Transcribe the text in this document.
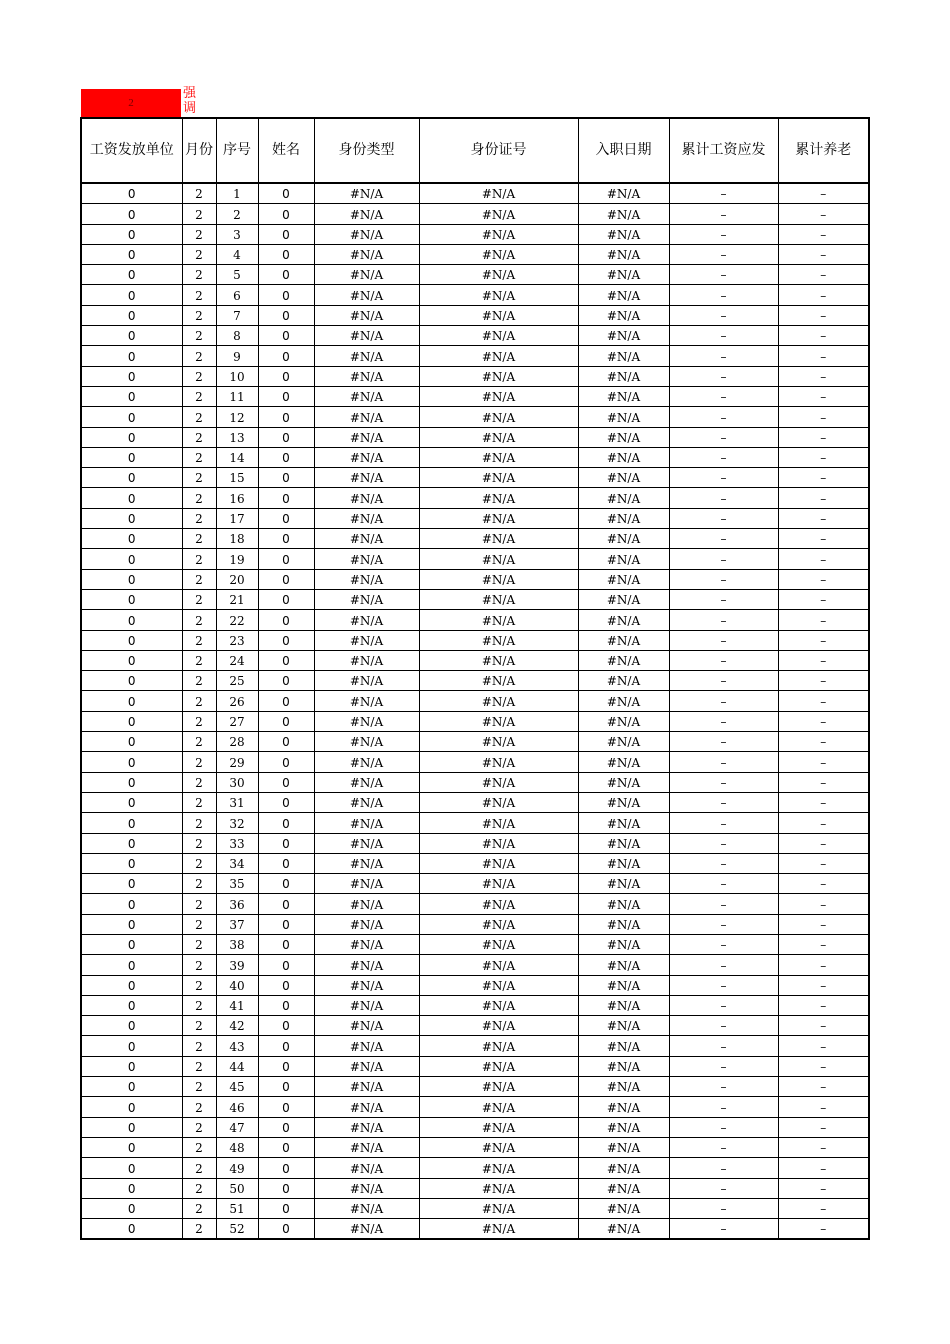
2
强调
工资发放单位	月份	序号	姓名	身份类型	身份证号	入职日期	累计工资应发	累计养老
0	2	1	0	#N/A	#N/A	#N/A	–	–
0	2	2	0	#N/A	#N/A	#N/A	–	–
0	2	3	0	#N/A	#N/A	#N/A	–	–
0	2	4	0	#N/A	#N/A	#N/A	–	–
0	2	5	0	#N/A	#N/A	#N/A	–	–
0	2	6	0	#N/A	#N/A	#N/A	–	–
0	2	7	0	#N/A	#N/A	#N/A	–	–
0	2	8	0	#N/A	#N/A	#N/A	–	–
0	2	9	0	#N/A	#N/A	#N/A	–	–
0	2	10	0	#N/A	#N/A	#N/A	–	–
0	2	11	0	#N/A	#N/A	#N/A	–	–
0	2	12	0	#N/A	#N/A	#N/A	–	–
0	2	13	0	#N/A	#N/A	#N/A	–	–
0	2	14	0	#N/A	#N/A	#N/A	–	–
0	2	15	0	#N/A	#N/A	#N/A	–	–
0	2	16	0	#N/A	#N/A	#N/A	–	–
0	2	17	0	#N/A	#N/A	#N/A	–	–
0	2	18	0	#N/A	#N/A	#N/A	–	–
0	2	19	0	#N/A	#N/A	#N/A	–	–
0	2	20	0	#N/A	#N/A	#N/A	–	–
0	2	21	0	#N/A	#N/A	#N/A	–	–
0	2	22	0	#N/A	#N/A	#N/A	–	–
0	2	23	0	#N/A	#N/A	#N/A	–	–
0	2	24	0	#N/A	#N/A	#N/A	–	–
0	2	25	0	#N/A	#N/A	#N/A	–	–
0	2	26	0	#N/A	#N/A	#N/A	–	–
0	2	27	0	#N/A	#N/A	#N/A	–	–
0	2	28	0	#N/A	#N/A	#N/A	–	–
0	2	29	0	#N/A	#N/A	#N/A	–	–
0	2	30	0	#N/A	#N/A	#N/A	–	–
0	2	31	0	#N/A	#N/A	#N/A	–	–
0	2	32	0	#N/A	#N/A	#N/A	–	–
0	2	33	0	#N/A	#N/A	#N/A	–	–
0	2	34	0	#N/A	#N/A	#N/A	–	–
0	2	35	0	#N/A	#N/A	#N/A	–	–
0	2	36	0	#N/A	#N/A	#N/A	–	–
0	2	37	0	#N/A	#N/A	#N/A	–	–
0	2	38	0	#N/A	#N/A	#N/A	–	–
0	2	39	0	#N/A	#N/A	#N/A	–	–
0	2	40	0	#N/A	#N/A	#N/A	–	–
0	2	41	0	#N/A	#N/A	#N/A	–	–
0	2	42	0	#N/A	#N/A	#N/A	–	–
0	2	43	0	#N/A	#N/A	#N/A	–	–
0	2	44	0	#N/A	#N/A	#N/A	–	–
0	2	45	0	#N/A	#N/A	#N/A	–	–
0	2	46	0	#N/A	#N/A	#N/A	–	–
0	2	47	0	#N/A	#N/A	#N/A	–	–
0	2	48	0	#N/A	#N/A	#N/A	–	–
0	2	49	0	#N/A	#N/A	#N/A	–	–
0	2	50	0	#N/A	#N/A	#N/A	–	–
0	2	51	0	#N/A	#N/A	#N/A	–	–
0	2	52	0	#N/A	#N/A	#N/A	–	–
